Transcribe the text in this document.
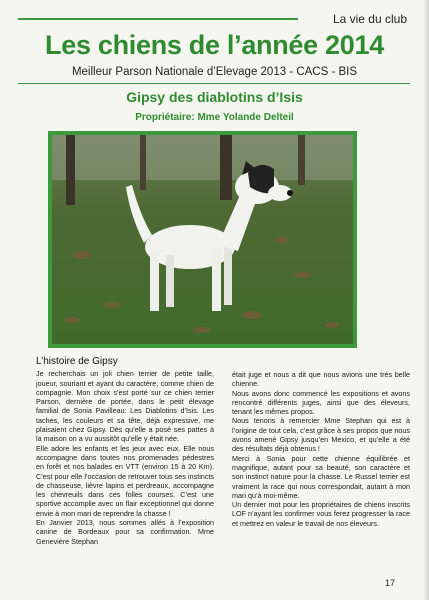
La vie du club
Les chiens de l’année 2014
Meilleur Parson Nationale d’Elevage 2013 - CACS - BIS
Gipsy des diablotins d’Isis
Propriétaire: Mme Yolande Delteil
L’histoire de Gipsy

Je recherchais un joli chien terrier de petite taille, joueur, souriant et ayant du caractère, comme chien de compagnie. Mon choix s’est porté sur ce chien terrier Parson, dernière de portée, dans le petit élevage familial de Sonia Pavilleau: Les Diablotins d’Isis. Les taches, les couleurs et sa tête, déjà expressive, me plaisaient chez Gipsy. Dès qu’elle a posé ses pattes à la maison on a vu aussitôt qu’elle y était née.

Elle adore les enfants et les jeux avec eux. Elle nous accompagne dans toutes nos promenades pédestres en forêt et nos balades en VTT (environ 15 à 20 Km). C’est pour elle l’occasion de retrouver tous ses instincts de chasseuse, lièvre lapins et perdreaux, accompagne les chevreuils dans ces folles courses. C’est une sportive accomplie avec un flair exceptionnel qui donne envie à mon mari de reprendre la chasse !

En Janvier 2013, nous sommes allés à l’exposition canine de Bordeaux pour sa confirmation. Mme Genevière Stephan

était juge et nous a dit que nous avions une très belle chienne.

Nous avons donc commencé les expositions et avons rencontré différents juges, ainsi que des éleveurs, tenant les mêmes propos.

Nous tenons à remercier Mme Stephan qui est à l’origine de tout cela, c’est grâce à ses propos que nous avons amené Gipsy jusqu’en Mexico, et qu’elle a été des résultats déjà obtenus !

Merci à Sonia pour cette chienne équilibrée et magnifique, autant pour sa beauté, son caractère et son instinct nature pour la chasse. Le Russel terrier est vraiment la race qui nous correspondait, autant à mon mari qu’à moi-même.

Un dernier mot pour les propriétaires de chiens inscrits LOF n’ayant les confirmer vous ferez progresser la race et mettrez en valeur le travail de nos éleveurs.

17
